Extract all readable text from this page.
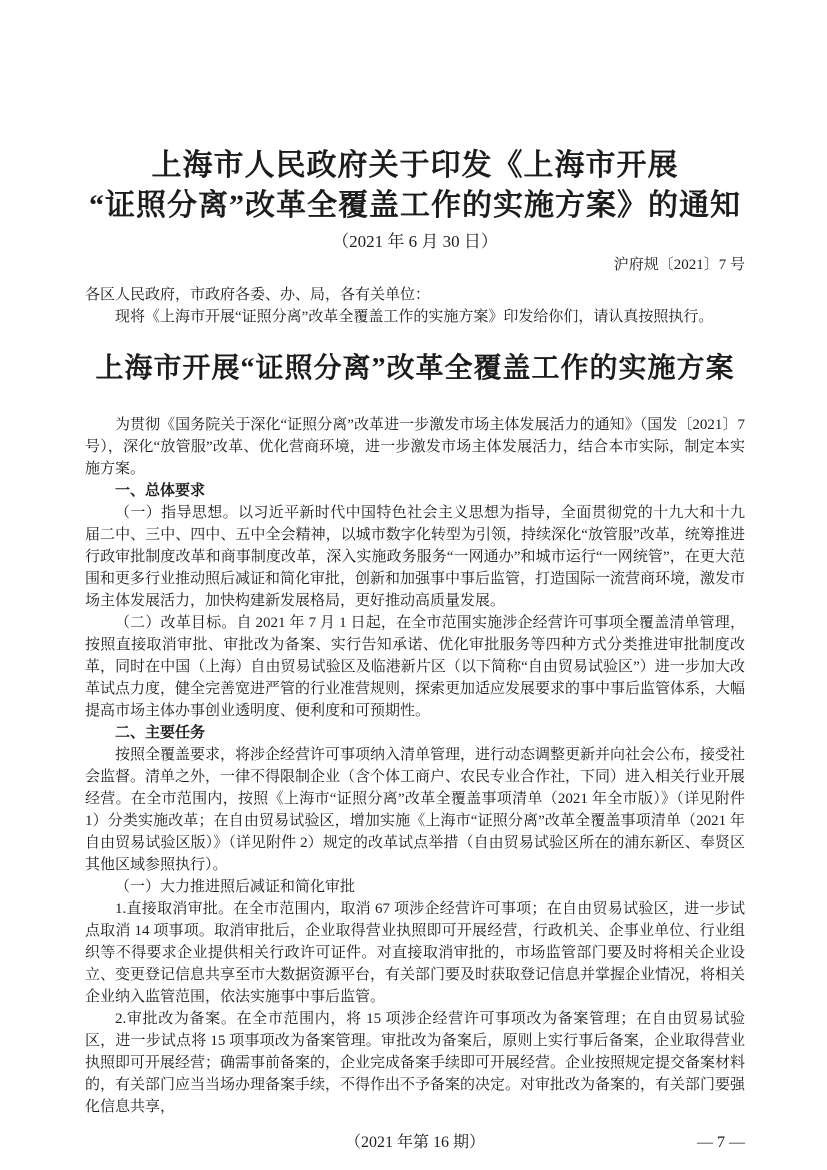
上海市人民政府关于印发《上海市开展
“证照分离”改革全覆盖工作的实施方案》的通知
（2021 年 6 月 30 日）
沪府规〔2021〕7 号
各区人民政府，市政府各委、办、局，各有关单位：
现将《上海市开展“证照分离”改革全覆盖工作的实施方案》印发给你们，请认真按照执行。
上海市开展“证照分离”改革全覆盖工作的实施方案

为贯彻《国务院关于深化“证照分离”改革进一步激发市场主体发展活力的通知》（国发〔2021〕7号），深化“放管服”改革、优化营商环境，进一步激发市场主体发展活力，结合本市实际，制定本实施方案。

一、总体要求

（一）指导思想。以习近平新时代中国特色社会主义思想为指导，全面贯彻党的十九大和十九届二中、三中、四中、五中全会精神，以城市数字化转型为引领，持续深化“放管服”改革，统筹推进行政审批制度改革和商事制度改革，深入实施政务服务“一网通办”和城市运行“一网统管”，在更大范围和更多行业推动照后减证和简化审批，创新和加强事中事后监管，打造国际一流营商环境，激发市场主体发展活力，加快构建新发展格局，更好推动高质量发展。

（二）改革目标。自 2021 年 7 月 1 日起，在全市范围实施涉企经营许可事项全覆盖清单管理，按照直接取消审批、审批改为备案、实行告知承诺、优化审批服务等四种方式分类推进审批制度改革，同时在中国（上海）自由贸易试验区及临港新片区（以下简称“自由贸易试验区”）进一步加大改革试点力度，健全完善宽进严管的行业准营规则，探索更加适应发展要求的事中事后监管体系，大幅提高市场主体办事创业透明度、便利度和可预期性。

二、主要任务

按照全覆盖要求，将涉企经营许可事项纳入清单管理，进行动态调整更新并向社会公布，接受社会监督。清单之外，一律不得限制企业（含个体工商户、农民专业合作社，下同）进入相关行业开展经营。在全市范围内，按照《上海市“证照分离”改革全覆盖事项清单（2021 年全市版）》（详见附件 1）分类实施改革；在自由贸易试验区，增加实施《上海市“证照分离”改革全覆盖事项清单（2021 年自由贸易试验区版）》（详见附件 2）规定的改革试点举措（自由贸易试验区所在的浦东新区、奉贤区其他区域参照执行）。

（一）大力推进照后减证和简化审批

1.直接取消审批。在全市范围内，取消 67 项涉企经营许可事项；在自由贸易试验区，进一步试点取消 14 项事项。取消审批后，企业取得营业执照即可开展经营，行政机关、企事业单位、行业组织等不得要求企业提供相关行政许可证件。对直接取消审批的，市场监管部门要及时将相关企业设立、变更登记信息共享至市大数据资源平台，有关部门要及时获取登记信息并掌握企业情况，将相关企业纳入监管范围，依法实施事中事后监管。

2.审批改为备案。在全市范围内，将 15 项涉企经营许可事项改为备案管理；在自由贸易试验区，进一步试点将 15 项事项改为备案管理。审批改为备案后，原则上实行事后备案，企业取得营业执照即可开展经营；确需事前备案的，企业完成备案手续即可开展经营。企业按照规定提交备案材料的，有关部门应当当场办理备案手续，不得作出不予备案的决定。对审批改为备案的，有关部门要强化信息共享，

（2021 年第 16 期）	— 7 —
